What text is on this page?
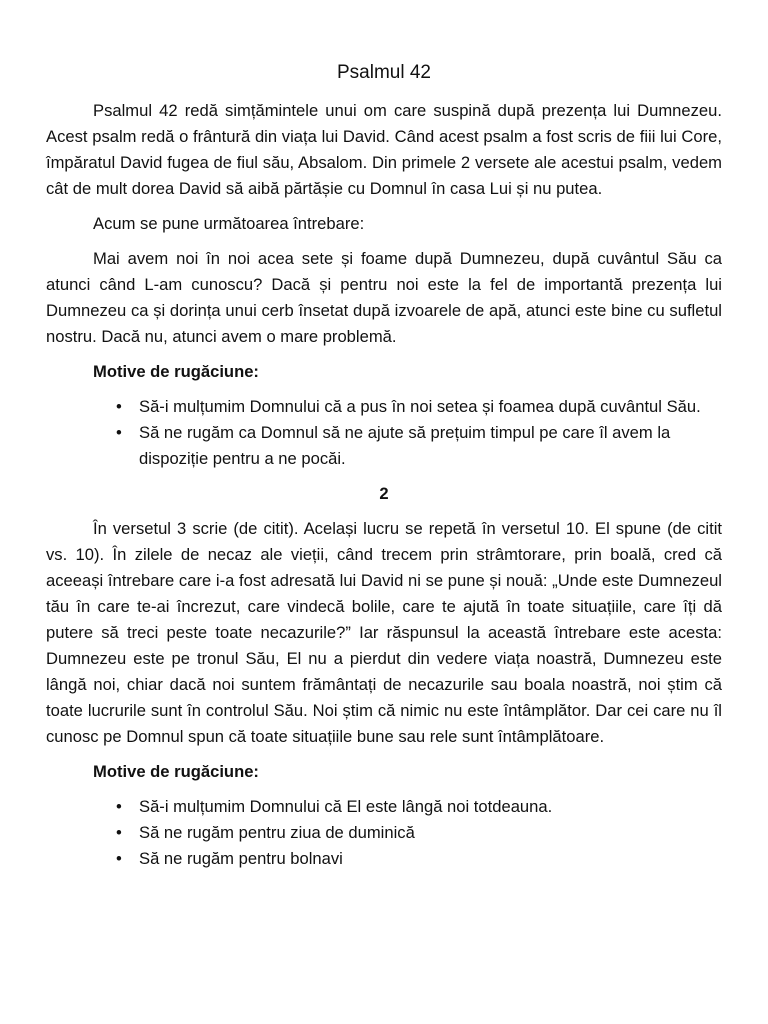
Psalmul 42

Psalmul 42 redă simțămintele unui om care suspină după prezența lui Dumnezeu. Acest psalm redă o frântură din viața lui David. Când acest psalm a fost scris de fiii lui Core, împăratul David fugea de fiul său, Absalom. Din primele 2 versete ale acestui psalm, vedem cât de mult dorea David să aibă părtășie cu Domnul în casa Lui și nu putea.

Acum se pune următoarea întrebare:

Mai avem noi în noi acea sete și foame după Dumnezeu, după cuvântul Său ca atunci când L-am cunoscu? Dacă și pentru noi este la fel de importantă prezența lui Dumnezeu ca și dorința unui cerb însetat după izvoarele de apă, atunci este bine cu sufletul nostru. Dacă nu, atunci avem o mare problemă.

Motive de rugăciune:
• Să-i mulțumim Domnului că a pus în noi setea și foamea după cuvântul Său.
• Să ne rugăm ca Domnul să ne ajute să prețuim timpul pe care îl avem la dispoziție pentru a ne pocăi.
2

În versetul 3 scrie (de citit). Același lucru se repetă în versetul 10. El spune (de citit vs. 10). În zilele de necaz ale vieții, când trecem prin strâmtorare, prin boală, cred că aceeași întrebare care i-a fost adresată lui David ni se pune și nouă: „Unde este Dumnezeul tău în care te-ai încrezut, care vindecă bolile, care te ajută în toate situațiile, care îți dă putere să treci peste toate necazurile?” Iar răspunsul la această întrebare este acesta: Dumnezeu este pe tronul Său, El nu a pierdut din vedere viața noastră, Dumnezeu este lângă noi, chiar dacă noi suntem frământați de necazurile sau boala noastră, noi știm că toate lucrurile sunt în controlul Său. Noi știm că nimic nu este întâmplător. Dar cei care nu îl cunosc pe Domnul spun că toate situațiile bune sau rele sunt întâmplătoare.

Motive de rugăciune:
• Să-i mulțumim Domnului că El este lângă noi totdeauna.
• Să ne rugăm pentru ziua de duminică
• Să ne rugăm pentru bolnavi
